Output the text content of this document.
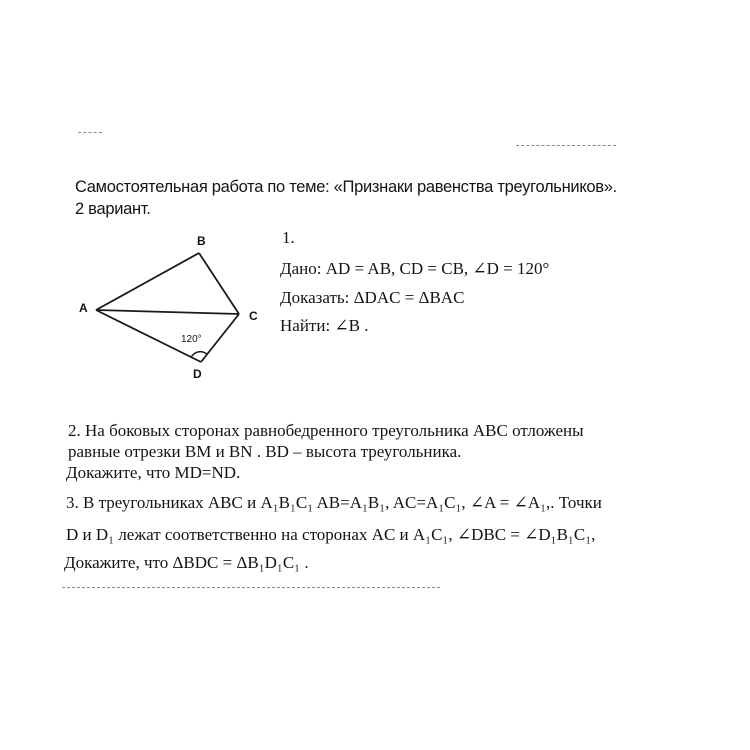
Самостоятельная работа по теме: «Признаки равенства треугольников».
2 вариант.
A
B
C
D
120°
1.
Дано: AD = AB, CD = CB, ∠D = 120°
Доказать: ΔDAC = ΔBAC
Найти: ∠B .
2. На боковых сторонах равнобедренного треугольника ABC отложены
равные отрезки BM и BN . BD – высота треугольника.
Докажите, что MD=ND.
3. В треугольниках ABC и A₁B₁C₁ AB=A₁B₁, AC=A₁C₁, ∠A = ∠A₁,. Точки
D и D₁ лежат соответственно на сторонах AC и A₁C₁, ∠DBC = ∠D₁B₁C₁,
Докажите, что ΔBDC = ΔB₁D₁C₁ .
